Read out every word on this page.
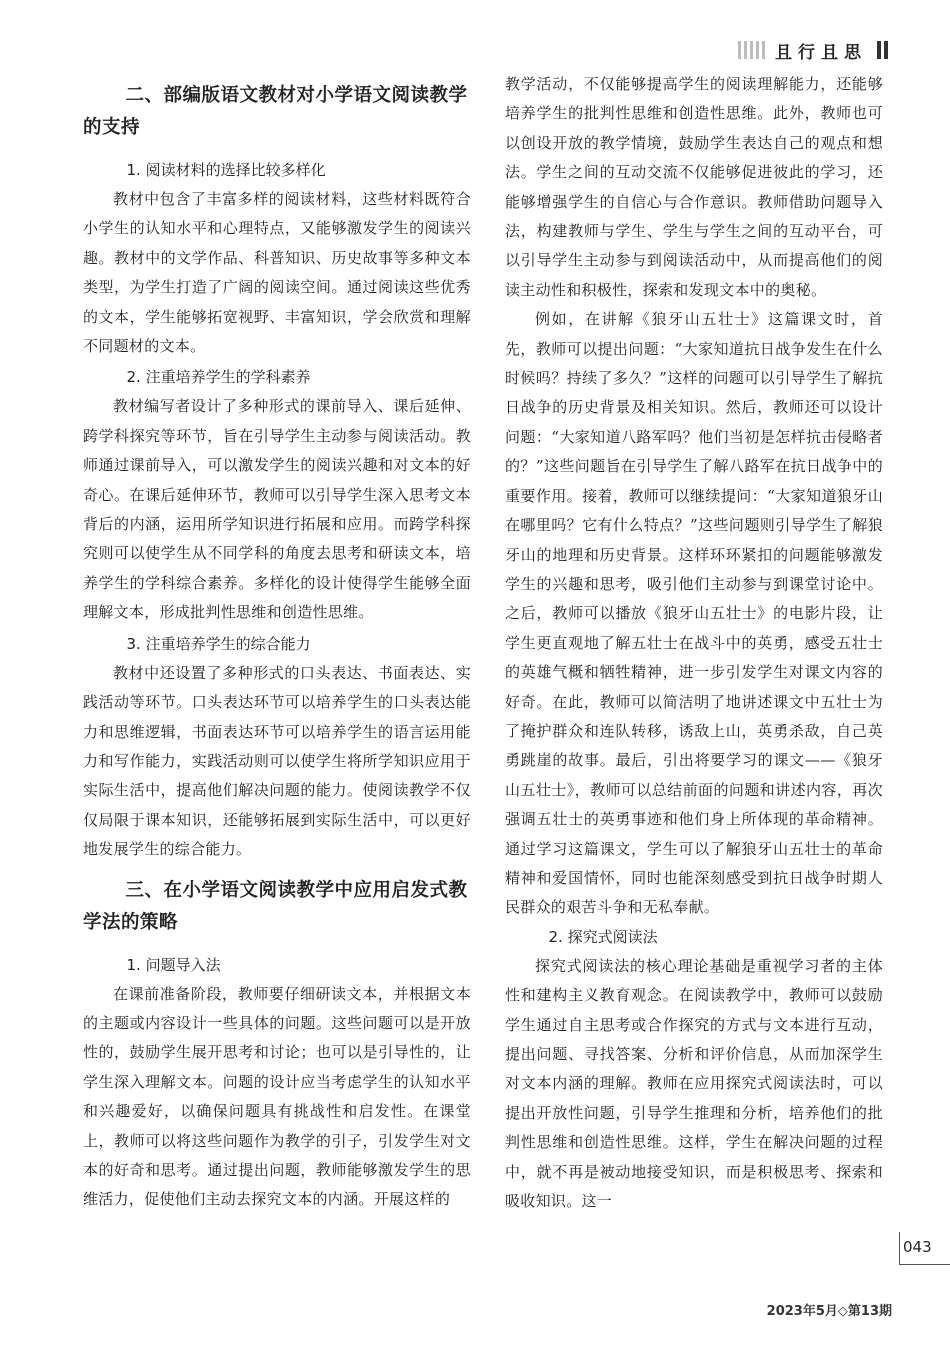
且行且思
二、部编版语文教材对小学语文阅读教学的支持

1. 阅读材料的选择比较多样化

教材中包含了丰富多样的阅读材料，这些材料既符合小学生的认知水平和心理特点，又能够激发学生的阅读兴趣。教材中的文学作品、科普知识、历史故事等多种文本类型，为学生打造了广阔的阅读空间。通过阅读这些优秀的文本，学生能够拓宽视野、丰富知识，学会欣赏和理解不同题材的文本。

2. 注重培养学生的学科素养

教材编写者设计了多种形式的课前导入、课后延伸、跨学科探究等环节，旨在引导学生主动参与阅读活动。教师通过课前导入，可以激发学生的阅读兴趣和对文本的好奇心。在课后延伸环节，教师可以引导学生深入思考文本背后的内涵，运用所学知识进行拓展和应用。而跨学科探究则可以使学生从不同学科的角度去思考和研读文本，培养学生的学科综合素养。多样化的设计使得学生能够全面理解文本，形成批判性思维和创造性思维。

3. 注重培养学生的综合能力

教材中还设置了多种形式的口头表达、书面表达、实践活动等环节。口头表达环节可以培养学生的口头表达能力和思维逻辑，书面表达环节可以培养学生的语言运用能力和写作能力，实践活动则可以使学生将所学知识应用于实际生活中，提高他们解决问题的能力。使阅读教学不仅仅局限于课本知识，还能够拓展到实际生活中，可以更好地发展学生的综合能力。

三、在小学语文阅读教学中应用启发式教学法的策略

1. 问题导入法

在课前准备阶段，教师要仔细研读文本，并根据文本的主题或内容设计一些具体的问题。这些问题可以是开放性的，鼓励学生展开思考和讨论；也可以是引导性的，让学生深入理解文本。问题的设计应当考虑学生的认知水平和兴趣爱好，以确保问题具有挑战性和启发性。在课堂上，教师可以将这些问题作为教学的引子，引发学生对文本的好奇和思考。通过提出问题，教师能够激发学生的思维活力，促使他们主动去探究文本的内涵。开展这样的

教学活动，不仅能够提高学生的阅读理解能力，还能够培养学生的批判性思维和创造性思维。此外，教师也可以创设开放的教学情境，鼓励学生表达自己的观点和想法。学生之间的互动交流不仅能够促进彼此的学习，还能够增强学生的自信心与合作意识。教师借助问题导入法，构建教师与学生、学生与学生之间的互动平台，可以引导学生主动参与到阅读活动中，从而提高他们的阅读主动性和积极性，探索和发现文本中的奥秘。

例如，在讲解《狼牙山五壮士》这篇课文时，首先，教师可以提出问题：“大家知道抗日战争发生在什么时候吗？持续了多久？”这样的问题可以引导学生了解抗日战争的历史背景及相关知识。然后，教师还可以设计问题：“大家知道八路军吗？他们当初是怎样抗击侵略者的？”这些问题旨在引导学生了解八路军在抗日战争中的重要作用。接着，教师可以继续提问：“大家知道狼牙山在哪里吗？它有什么特点？”这些问题则引导学生了解狼牙山的地理和历史背景。这样环环紧扣的问题能够激发学生的兴趣和思考，吸引他们主动参与到课堂讨论中。之后，教师可以播放《狼牙山五壮士》的电影片段，让学生更直观地了解五壮士在战斗中的英勇，感受五壮士的英雄气概和牺牲精神，进一步引发学生对课文内容的好奇。在此，教师可以简洁明了地讲述课文中五壮士为了掩护群众和连队转移，诱敌上山，英勇杀敌，自己英勇跳崖的故事。最后，引出将要学习的课文——《狼牙山五壮士》，教师可以总结前面的问题和讲述内容，再次强调五壮士的英勇事迹和他们身上所体现的革命精神。通过学习这篇课文，学生可以了解狼牙山五壮士的革命精神和爱国情怀，同时也能深刻感受到抗日战争时期人民群众的艰苦斗争和无私奉献。

2. 探究式阅读法

探究式阅读法的核心理论基础是重视学习者的主体性和建构主义教育观念。在阅读教学中，教师可以鼓励学生通过自主思考或合作探究的方式与文本进行互动，提出问题、寻找答案、分析和评价信息，从而加深学生对文本内涵的理解。教师在应用探究式阅读法时，可以提出开放性问题，引导学生推理和分析，培养他们的批判性思维和创造性思维。这样，学生在解决问题的过程中，就不再是被动地接受知识，而是积极思考、探索和吸收知识。这一

043
2023年5月◇第13期
